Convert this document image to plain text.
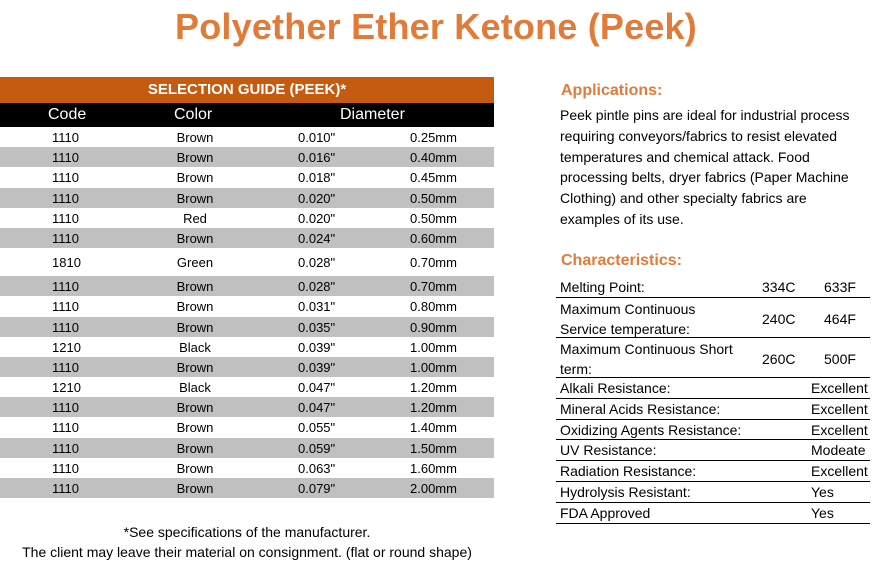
Polyether Ether Ketone (Peek)
SELECTION GUIDE (PEEK)*
Code	Color	Diameter
1110	Brown	0.010"	0.25mm
1110	Brown	0.016"	0.40mm
1110	Brown	0.018"	0.45mm
1110	Brown	0.020"	0.50mm
1110	Red	0.020"	0.50mm
1110	Brown	0.024"	0.60mm
1810	Green	0.028"	0.70mm
1110	Brown	0.028"	0.70mm
1110	Brown	0.031"	0.80mm
1110	Brown	0.035"	0.90mm
1210	Black	0.039"	1.00mm
1110	Brown	0.039"	1.00mm
1210	Black	0.047"	1.20mm
1110	Brown	0.047"	1.20mm
1110	Brown	0.055"	1.40mm
1110	Brown	0.059"	1.50mm
1110	Brown	0.063"	1.60mm
1110	Brown	0.079"	2.00mm
*See specifications of the manufacturer.
The client may leave their material on consignment. (flat or round shape)
Applications:
Peek pintle pins are ideal for industrial process
requiring conveyors/fabrics to resist elevated
temperatures and chemical attack. Food
processing belts, dryer fabrics (Paper Machine
Clothing) and other specialty fabrics are
examples of its use.
Characteristics:
Melting Point:	334C 633F
Maximum Continuous
Service temperature:
240C 464F
Maximum Continuous Short
term:
260C 500F
Alkali Resistance:	Excellent
Mineral Acids Resistance:	Excellent
Oxidizing Agents Resistance:	Excellent
UV Resistance:	Modeate
Radiation Resistance:	Excellent
Hydrolysis Resistant:	Yes
FDA Approved	Yes
